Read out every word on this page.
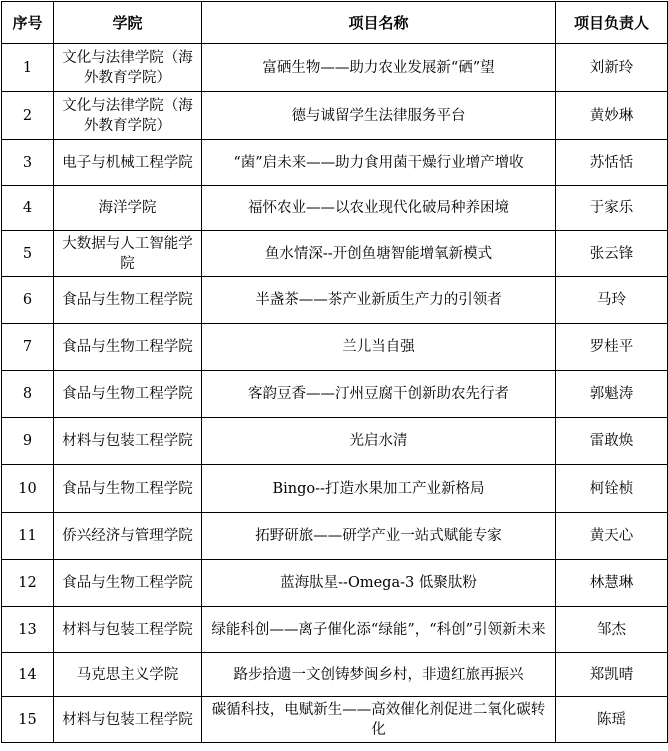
序号	学院	项目名称	项目负责人
1	文化与法律学院（海外教育学院）	富硒生物——助力农业发展新“硒”望	刘新玲
2	文化与法律学院（海外教育学院）	德与诚留学生法律服务平台	黄妙琳
3	电子与机械工程学院	“菌”启未来——助力食用菌干燥行业增产增收	苏恬恬
4	海洋学院	福怀农业——以农业现代化破局种养困境	于家乐
5	大数据与人工智能学院	鱼水情深--开创鱼塘智能增氧新模式	张云锋
6	食品与生物工程学院	半盏茶——茶产业新质生产力的引领者	马玲
7	食品与生物工程学院	兰儿当自强	罗桂平
8	食品与生物工程学院	客韵豆香——汀州豆腐干创新助农先行者	郭魁涛
9	材料与包装工程学院	光启水清	雷敢焕
10	食品与生物工程学院	Bingo--打造水果加工产业新格局	柯铨桢
11	侨兴经济与管理学院	拓野研旅——研学产业一站式赋能专家	黄天心
12	食品与生物工程学院	蓝海肽星--Omega-3 低聚肽粉	林慧琳
13	材料与包装工程学院	绿能科创——离子催化添“绿能”，“科创”引领新未来	邹杰
14	马克思主义学院	路步拾遗一文创铸梦闽乡村，非遗红旅再振兴	郑凯晴
15	材料与包装工程学院	碳循科技，电赋新生——高效催化剂促进二氧化碳转化	陈瑶
